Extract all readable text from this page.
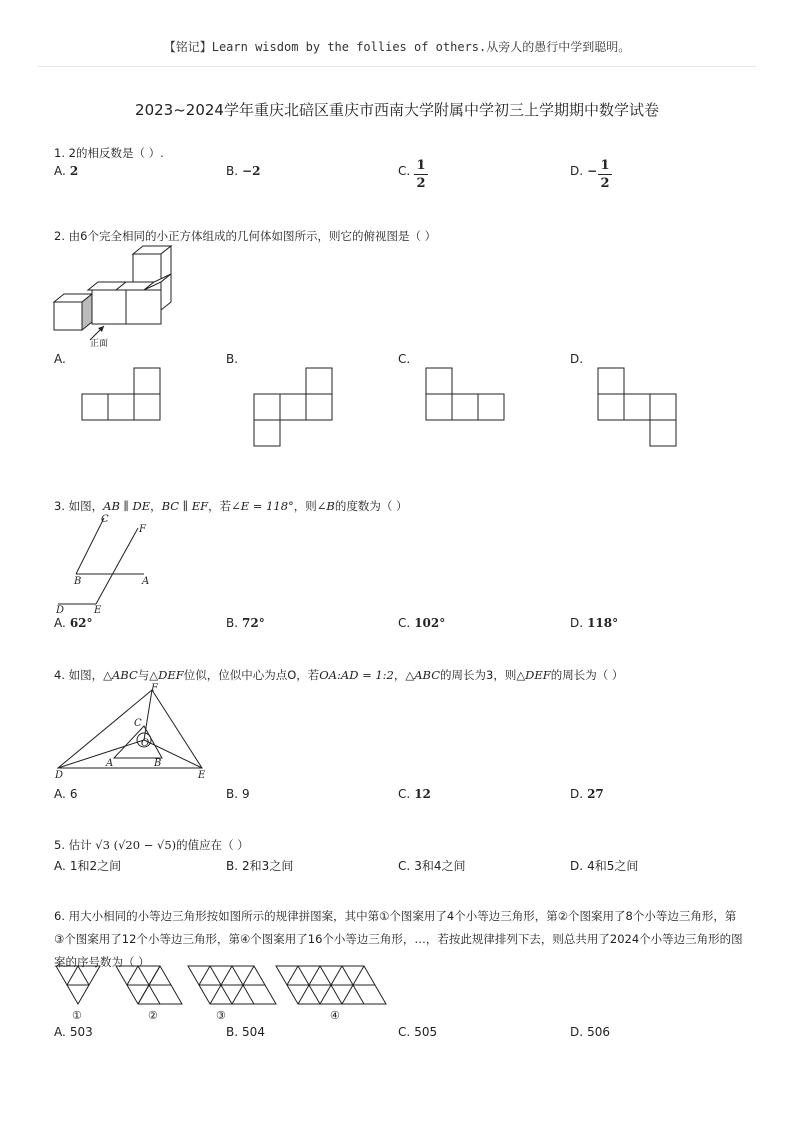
【铭记】Learn wisdom by the follies of others.从旁人的愚行中学到聪明。
2023~2024学年重庆北碚区重庆市西南大学附属中学初三上学期期中数学试卷
1. 2的相反数是（ ）.
A. 2	B. −2	C. 1
2
D. − 1
2
2. 由6个完全相同的小正方体组成的几何体如图所示，则它的俯视图是（ ）
正面
A.	B.	C.	D.
3. 如图，AB ∥ DE，BC ∥ EF，若∠E = 118°，则∠B的度数为（ ）
C
F
B	A
D	E
A. 62°	B. 72°	C. 102°	D. 118°
4. 如图，△ABC与△DEF位似，位似中心为点O，若OA:AD = 1:2，△ABC的周长为3，则△DEF的周长为（ ）
F
C
O
A	B
D	E
A. 6	B. 9	C. 12	D. 27
5. 估计 √3 (√20 − √5)的值应在（ ）
A. 1和2之间	B. 2和3之间	C. 3和4之间	D. 4和5之间
6. 用大小相同的小等边三角形按如图所示的规律拼图案，其中第①个图案用了4个小等边三角形，第②个图案用了8个小等边三角形，第③个图案用了12个小等边三角形，第④个图案用了16个小等边三角形，…，若按此规律排列下去，则总共用了2024个小等边三角形的图案的序号数为（ ）
①	②	③	④
A. 503	B. 504	C. 505	D. 506
